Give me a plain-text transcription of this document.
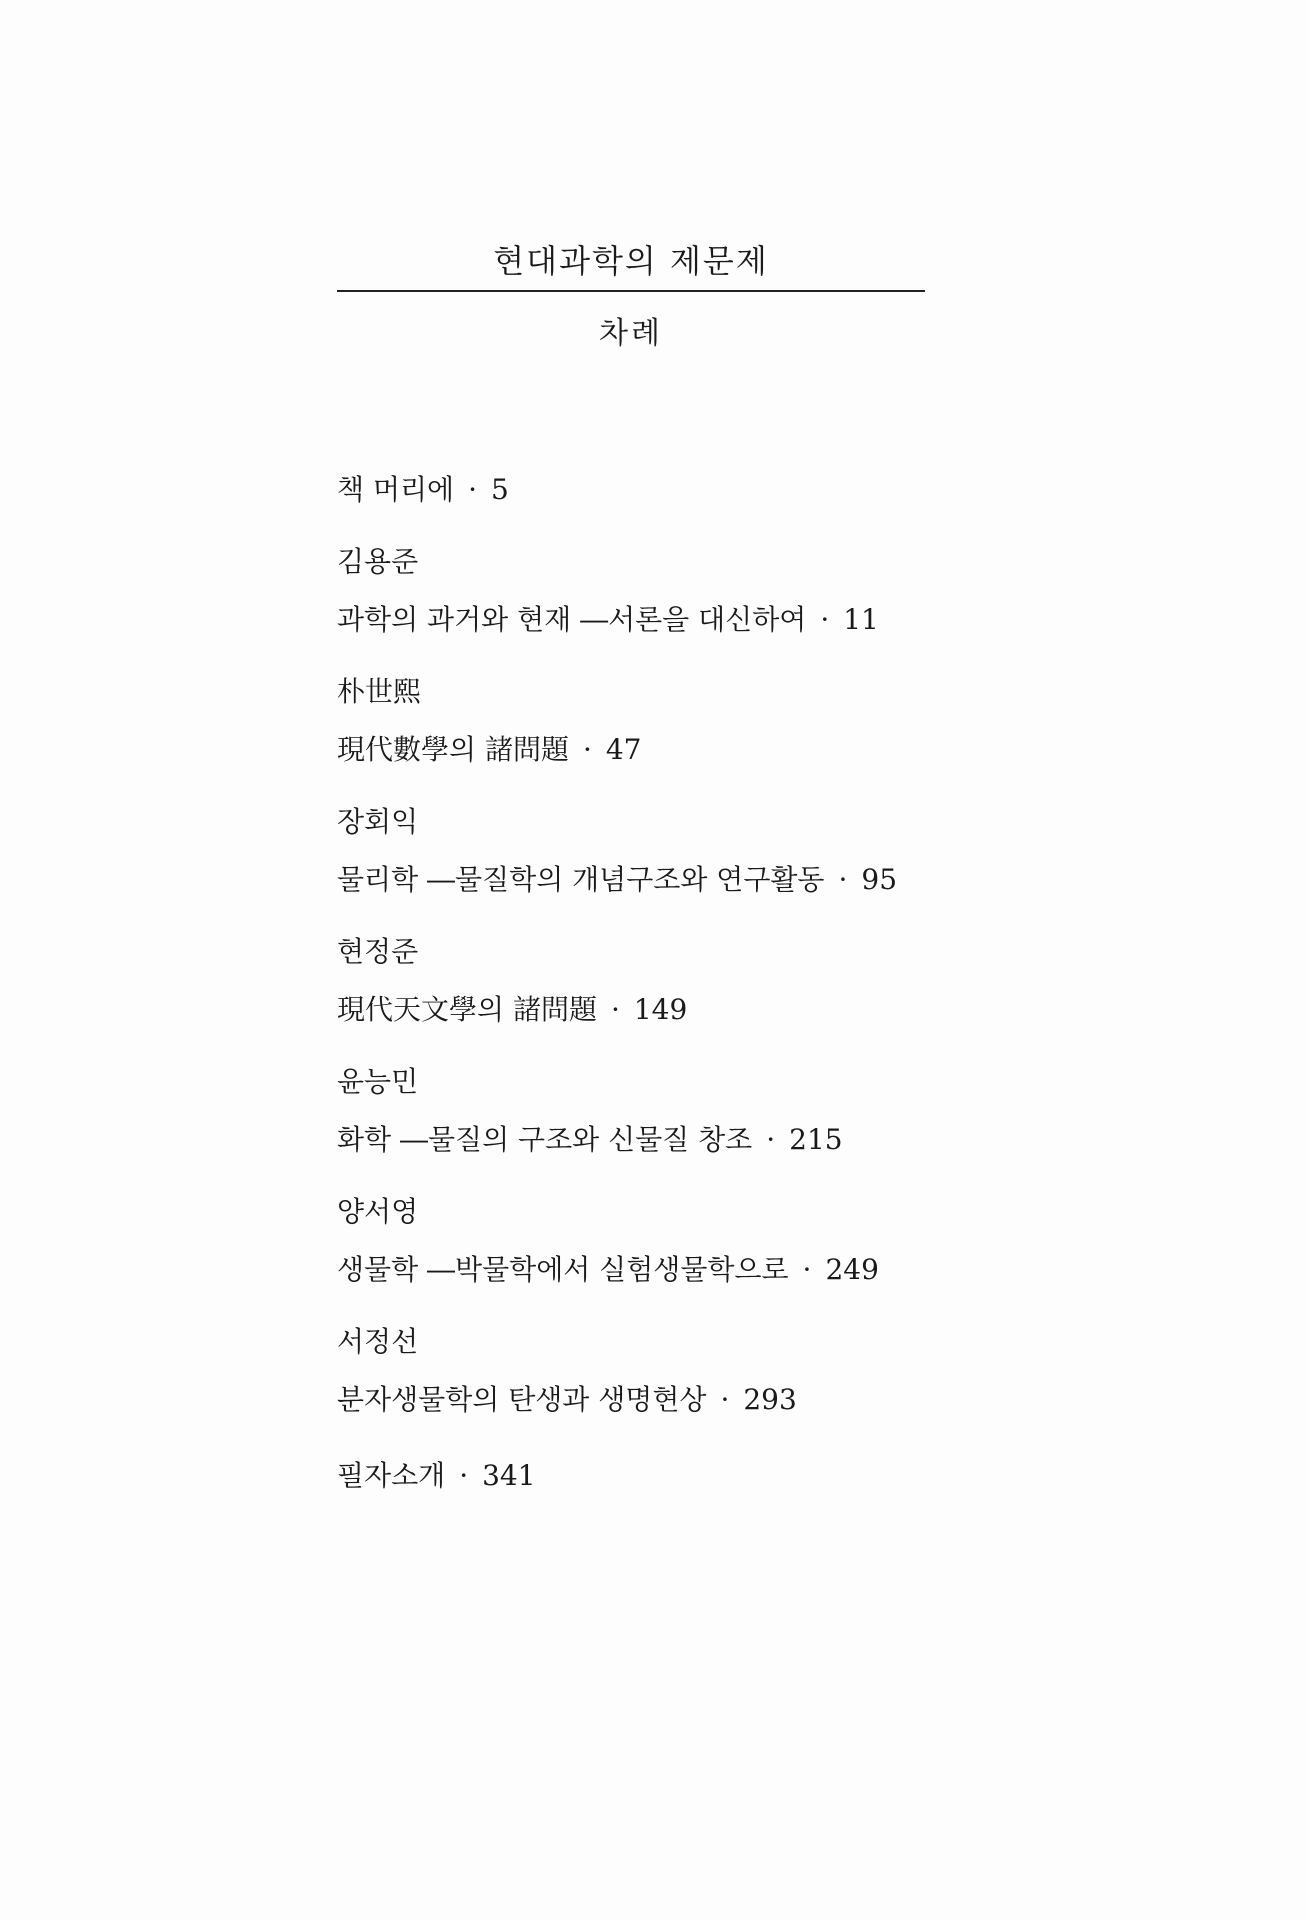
현대과학의 제문제
차례
책 머리에 · 5
김용준
과학의 과거와 현재 ―서론을 대신하여 · 11
朴世熙
現代數學의 諸問題 · 47
장회익
물리학 ―물질학의 개념구조와 연구활동 · 95
현정준
現代天文學의 諸問題 · 149
윤능민
화학 ―물질의 구조와 신물질 창조 · 215
양서영
생물학 ―박물학에서 실험생물학으로 · 249
서정선
분자생물학의 탄생과 생명현상 · 293
필자소개 · 341
